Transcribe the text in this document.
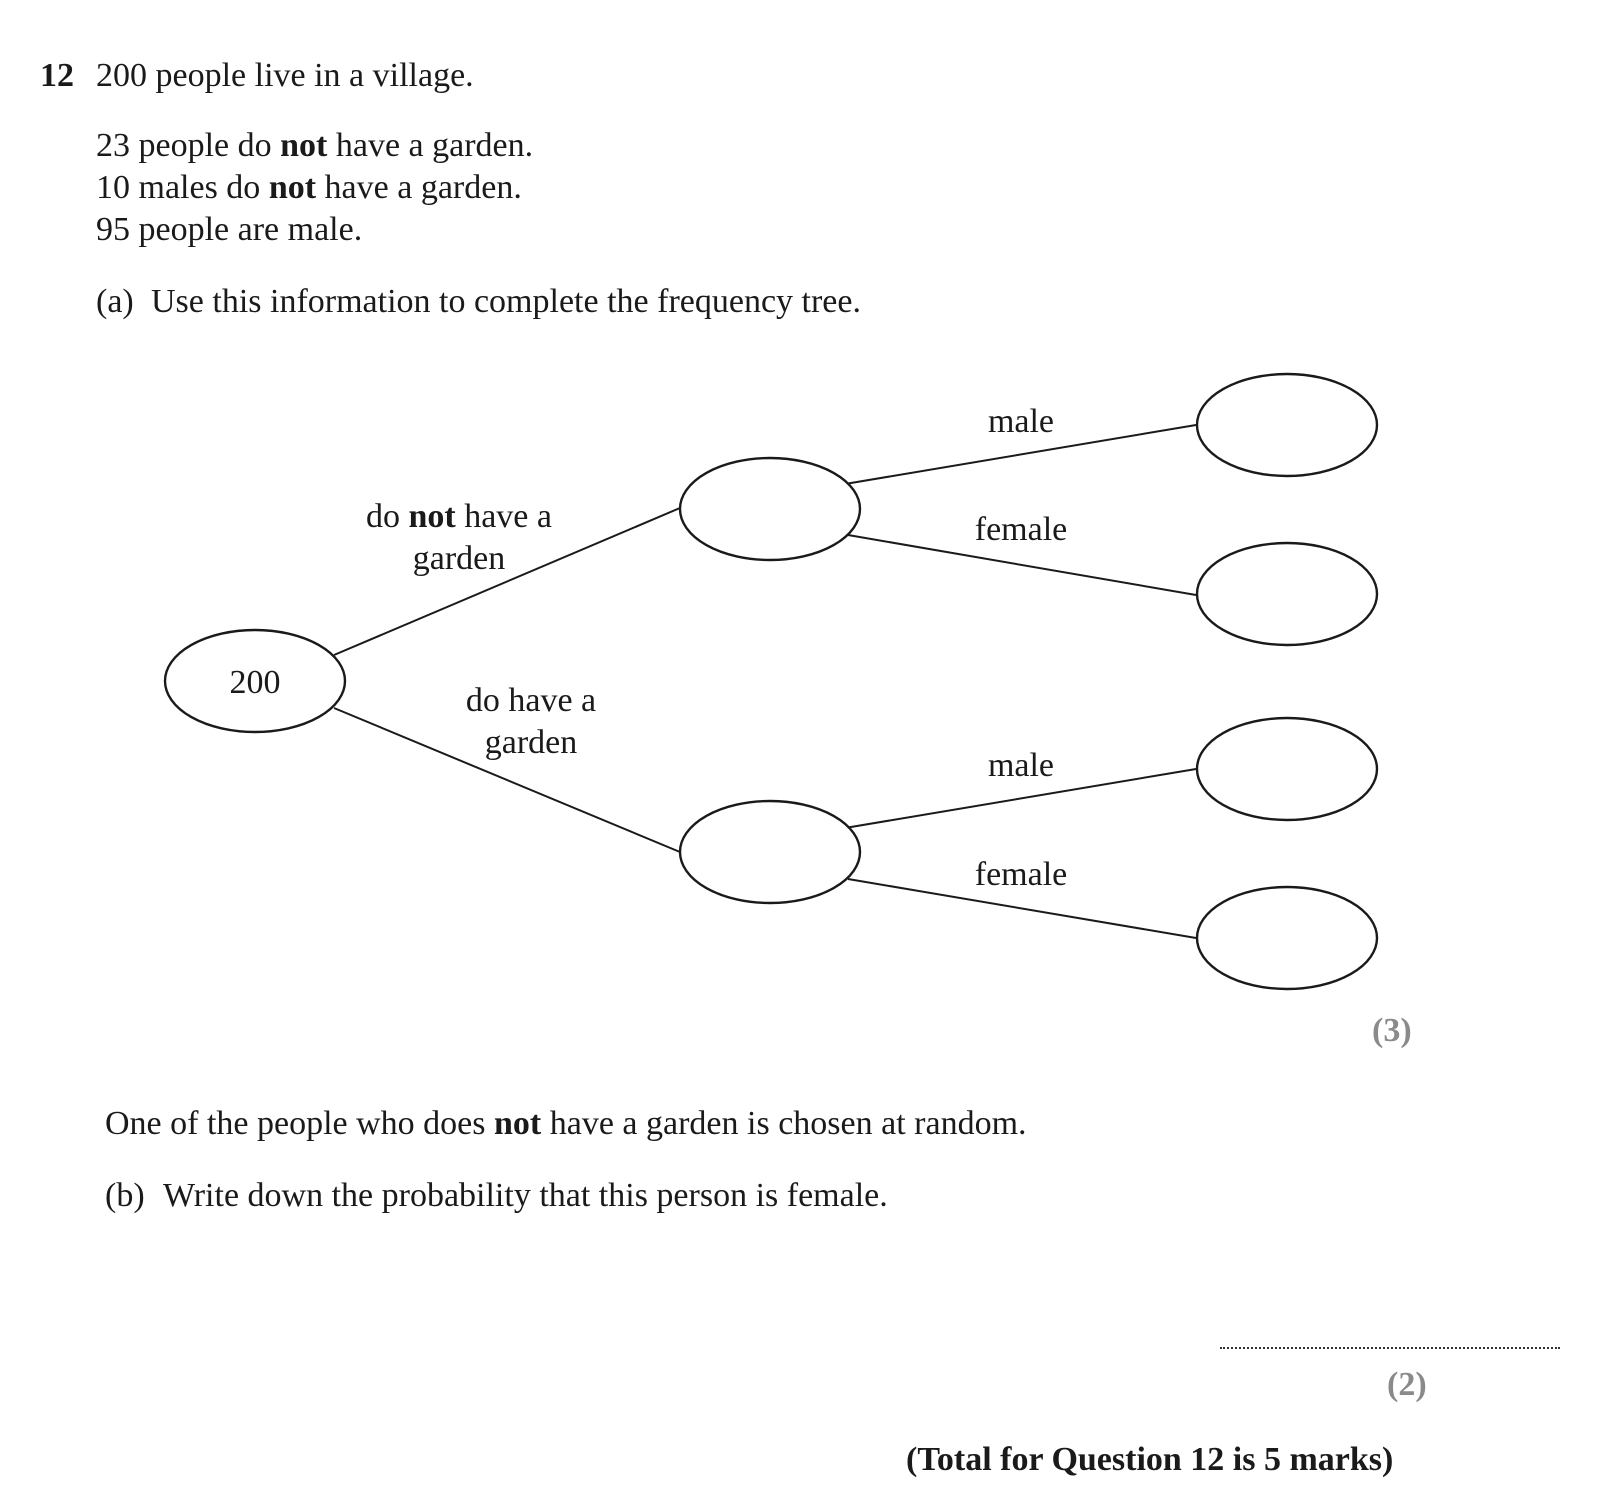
12 200 people live in a village.
23 people do not have a garden.
10 males do not have a garden.
95 people are male.
(a) Use this information to complete the frequency tree.
200
do not have a
garden
do have a
garden
male
female
male
female
(3)
One of the people who does not have a garden is chosen at random.
(b) Write down the probability that this person is female.
(2)
(Total for Question 12 is 5 marks)
